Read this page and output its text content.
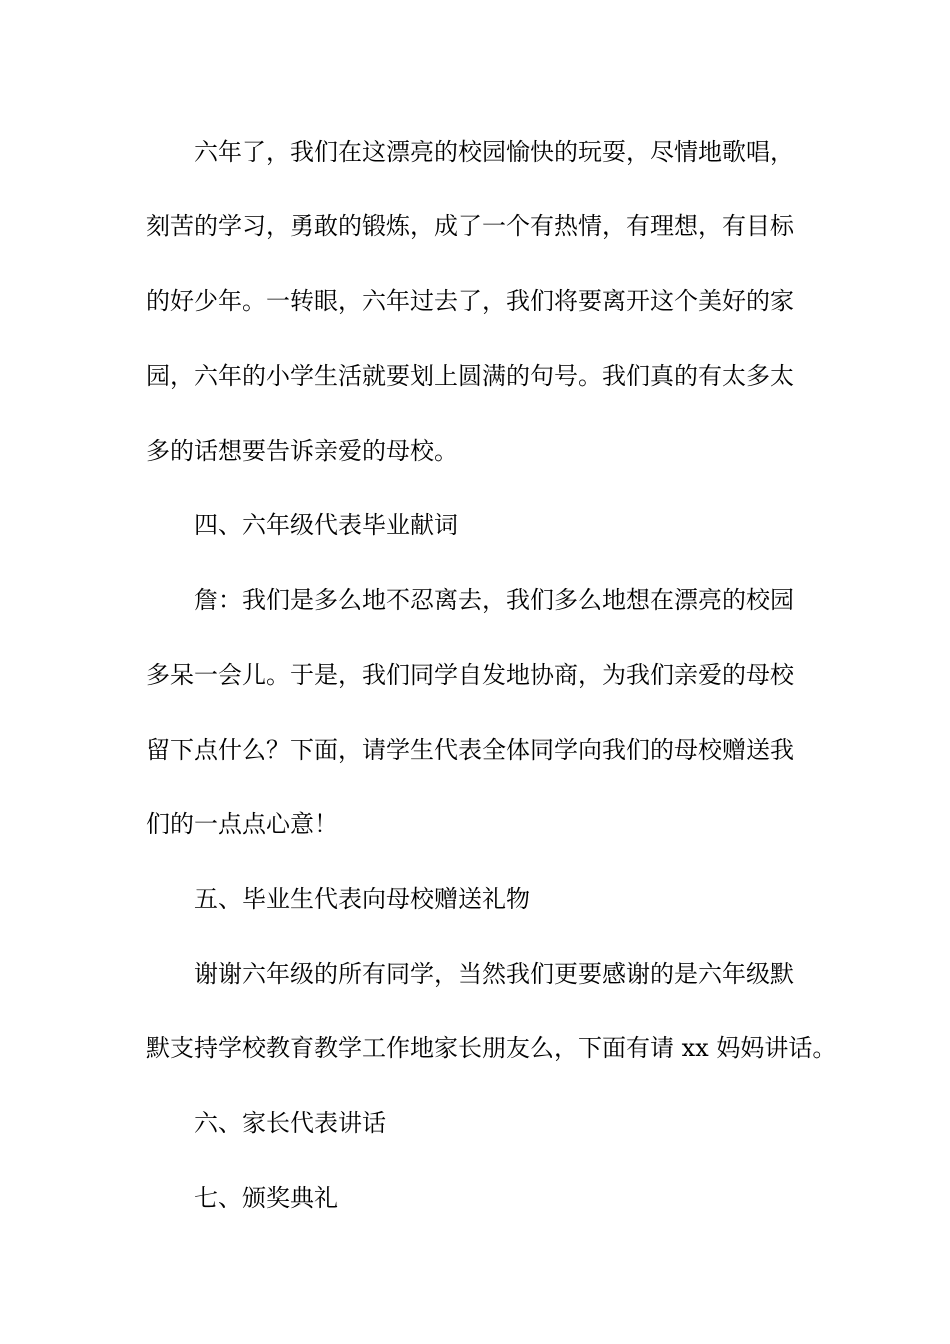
六年了，我们在这漂亮的校园愉快的玩耍，尽情地歌唱，
刻苦的学习，勇敢的锻炼，成了一个有热情，有理想，有目标
的好少年。一转眼，六年过去了，我们将要离开这个美好的家
园，六年的小学生活就要划上圆满的句号。我们真的有太多太
多的话想要告诉亲爱的母校。
四、六年级代表毕业献词
詹：我们是多么地不忍离去，我们多么地想在漂亮的校园
多呆一会儿。于是，我们同学自发地协商，为我们亲爱的母校
留下点什么？下面，请学生代表全体同学向我们的母校赠送我
们的一点点心意！
五、毕业生代表向母校赠送礼物
谢谢六年级的所有同学，当然我们更要感谢的是六年级默
默支持学校教育教学工作地家长朋友么，下面有请 xx 妈妈讲话。
六、家长代表讲话
七、颁奖典礼
